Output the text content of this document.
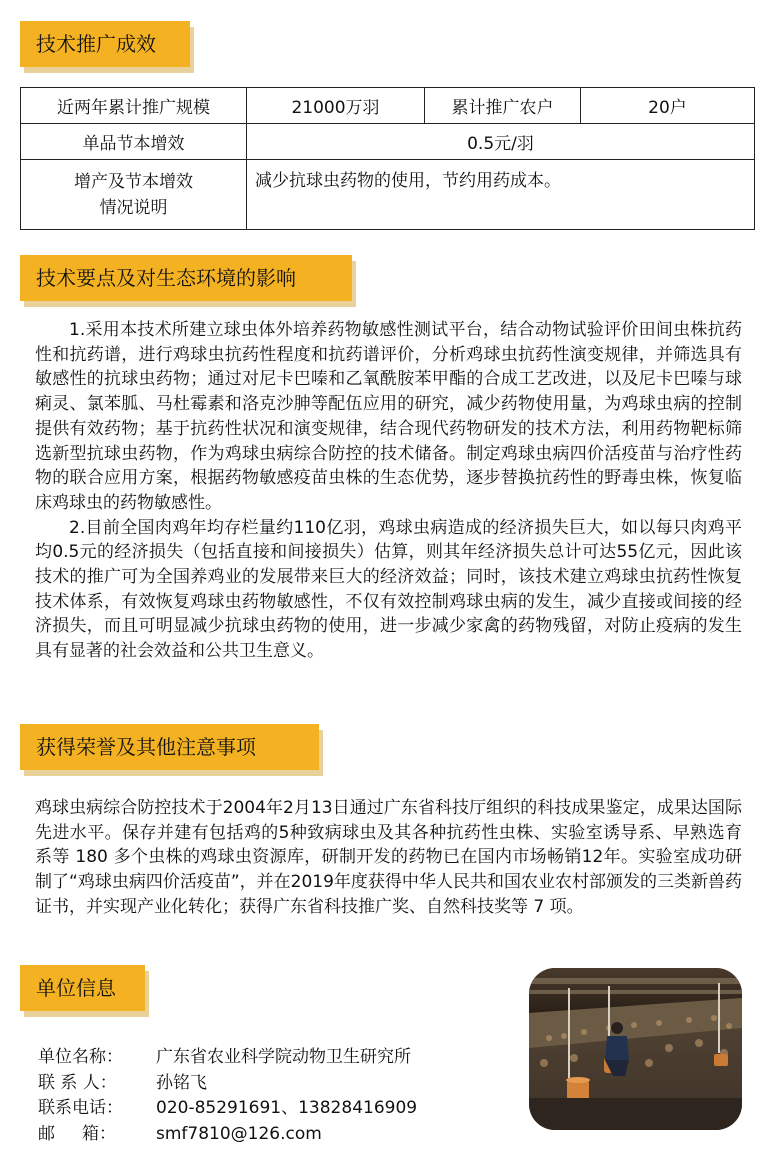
技术推广成效
近两年累计推广规模	21000万羽	累计推广农户	20户
单品节本增效	0.5元/羽		

增产及节本增效
情况说明	减少抗球虫药物的使用，节约用药成本。		
技术要点及对生态环境的影响

1.采用本技术所建立球虫体外培养药物敏感性测试平台，结合动物试验评价田间虫株抗药性和抗药谱，进行鸡球虫抗药性程度和抗药谱评价，分析鸡球虫抗药性演变规律，并筛选具有敏感性的抗球虫药物；通过对尼卡巴嗪和乙氧酰胺苯甲酯的合成工艺改进，以及尼卡巴嗪与球痢灵、氯苯胍、马杜霉素和洛克沙胂等配伍应用的研究，减少药物使用量，为鸡球虫病的控制提供有效药物；基于抗药性状况和演变规律，结合现代药物研发的技术方法，利用药物靶标筛选新型抗球虫药物，作为鸡球虫病综合防控的技术储备。制定鸡球虫病四价活疫苗与治疗性药物的联合应用方案，根据药物敏感疫苗虫株的生态优势，逐步替换抗药性的野毒虫株，恢复临床鸡球虫的药物敏感性。

2.目前全国肉鸡年均存栏量约110亿羽，鸡球虫病造成的经济损失巨大，如以每只肉鸡平均0.5元的经济损失（包括直接和间接损失）估算，则其年经济损失总计可达55亿元，因此该技术的推广可为全国养鸡业的发展带来巨大的经济效益；同时，该技术建立鸡球虫抗药性恢复技术体系，有效恢复鸡球虫药物敏感性，不仅有效控制鸡球虫病的发生，减少直接或间接的经济损失，而且可明显减少抗球虫药物的使用，进一步减少家禽的药物残留，对防止疫病的发生具有显著的社会效益和公共卫生意义。

获得荣誉及其他注意事项

鸡球虫病综合防控技术于2004年2月13日通过广东省科技厅组织的科技成果鉴定，成果达国际先进水平。保存并建有包括鸡的5种致病球虫及其各种抗药性虫株、实验室诱导系、早熟选育系等 180 多个虫株的鸡球虫资源库，研制开发的药物已在国内市场畅销12年。实验室成功研制了“鸡球虫病四价活疫苗”，并在2019年度获得中华人民共和国农业农村部颁发的三类新兽药证书，并实现产业化转化；获得广东省科技推广奖、自然科技奖等 7 项。

单位信息
单位名称：	广东省农业科学院动物卫生研究所
联 系 人：	孙铭飞
联系电话：	020-85291691、13828416909
邮     箱：	smf7810@126.com
